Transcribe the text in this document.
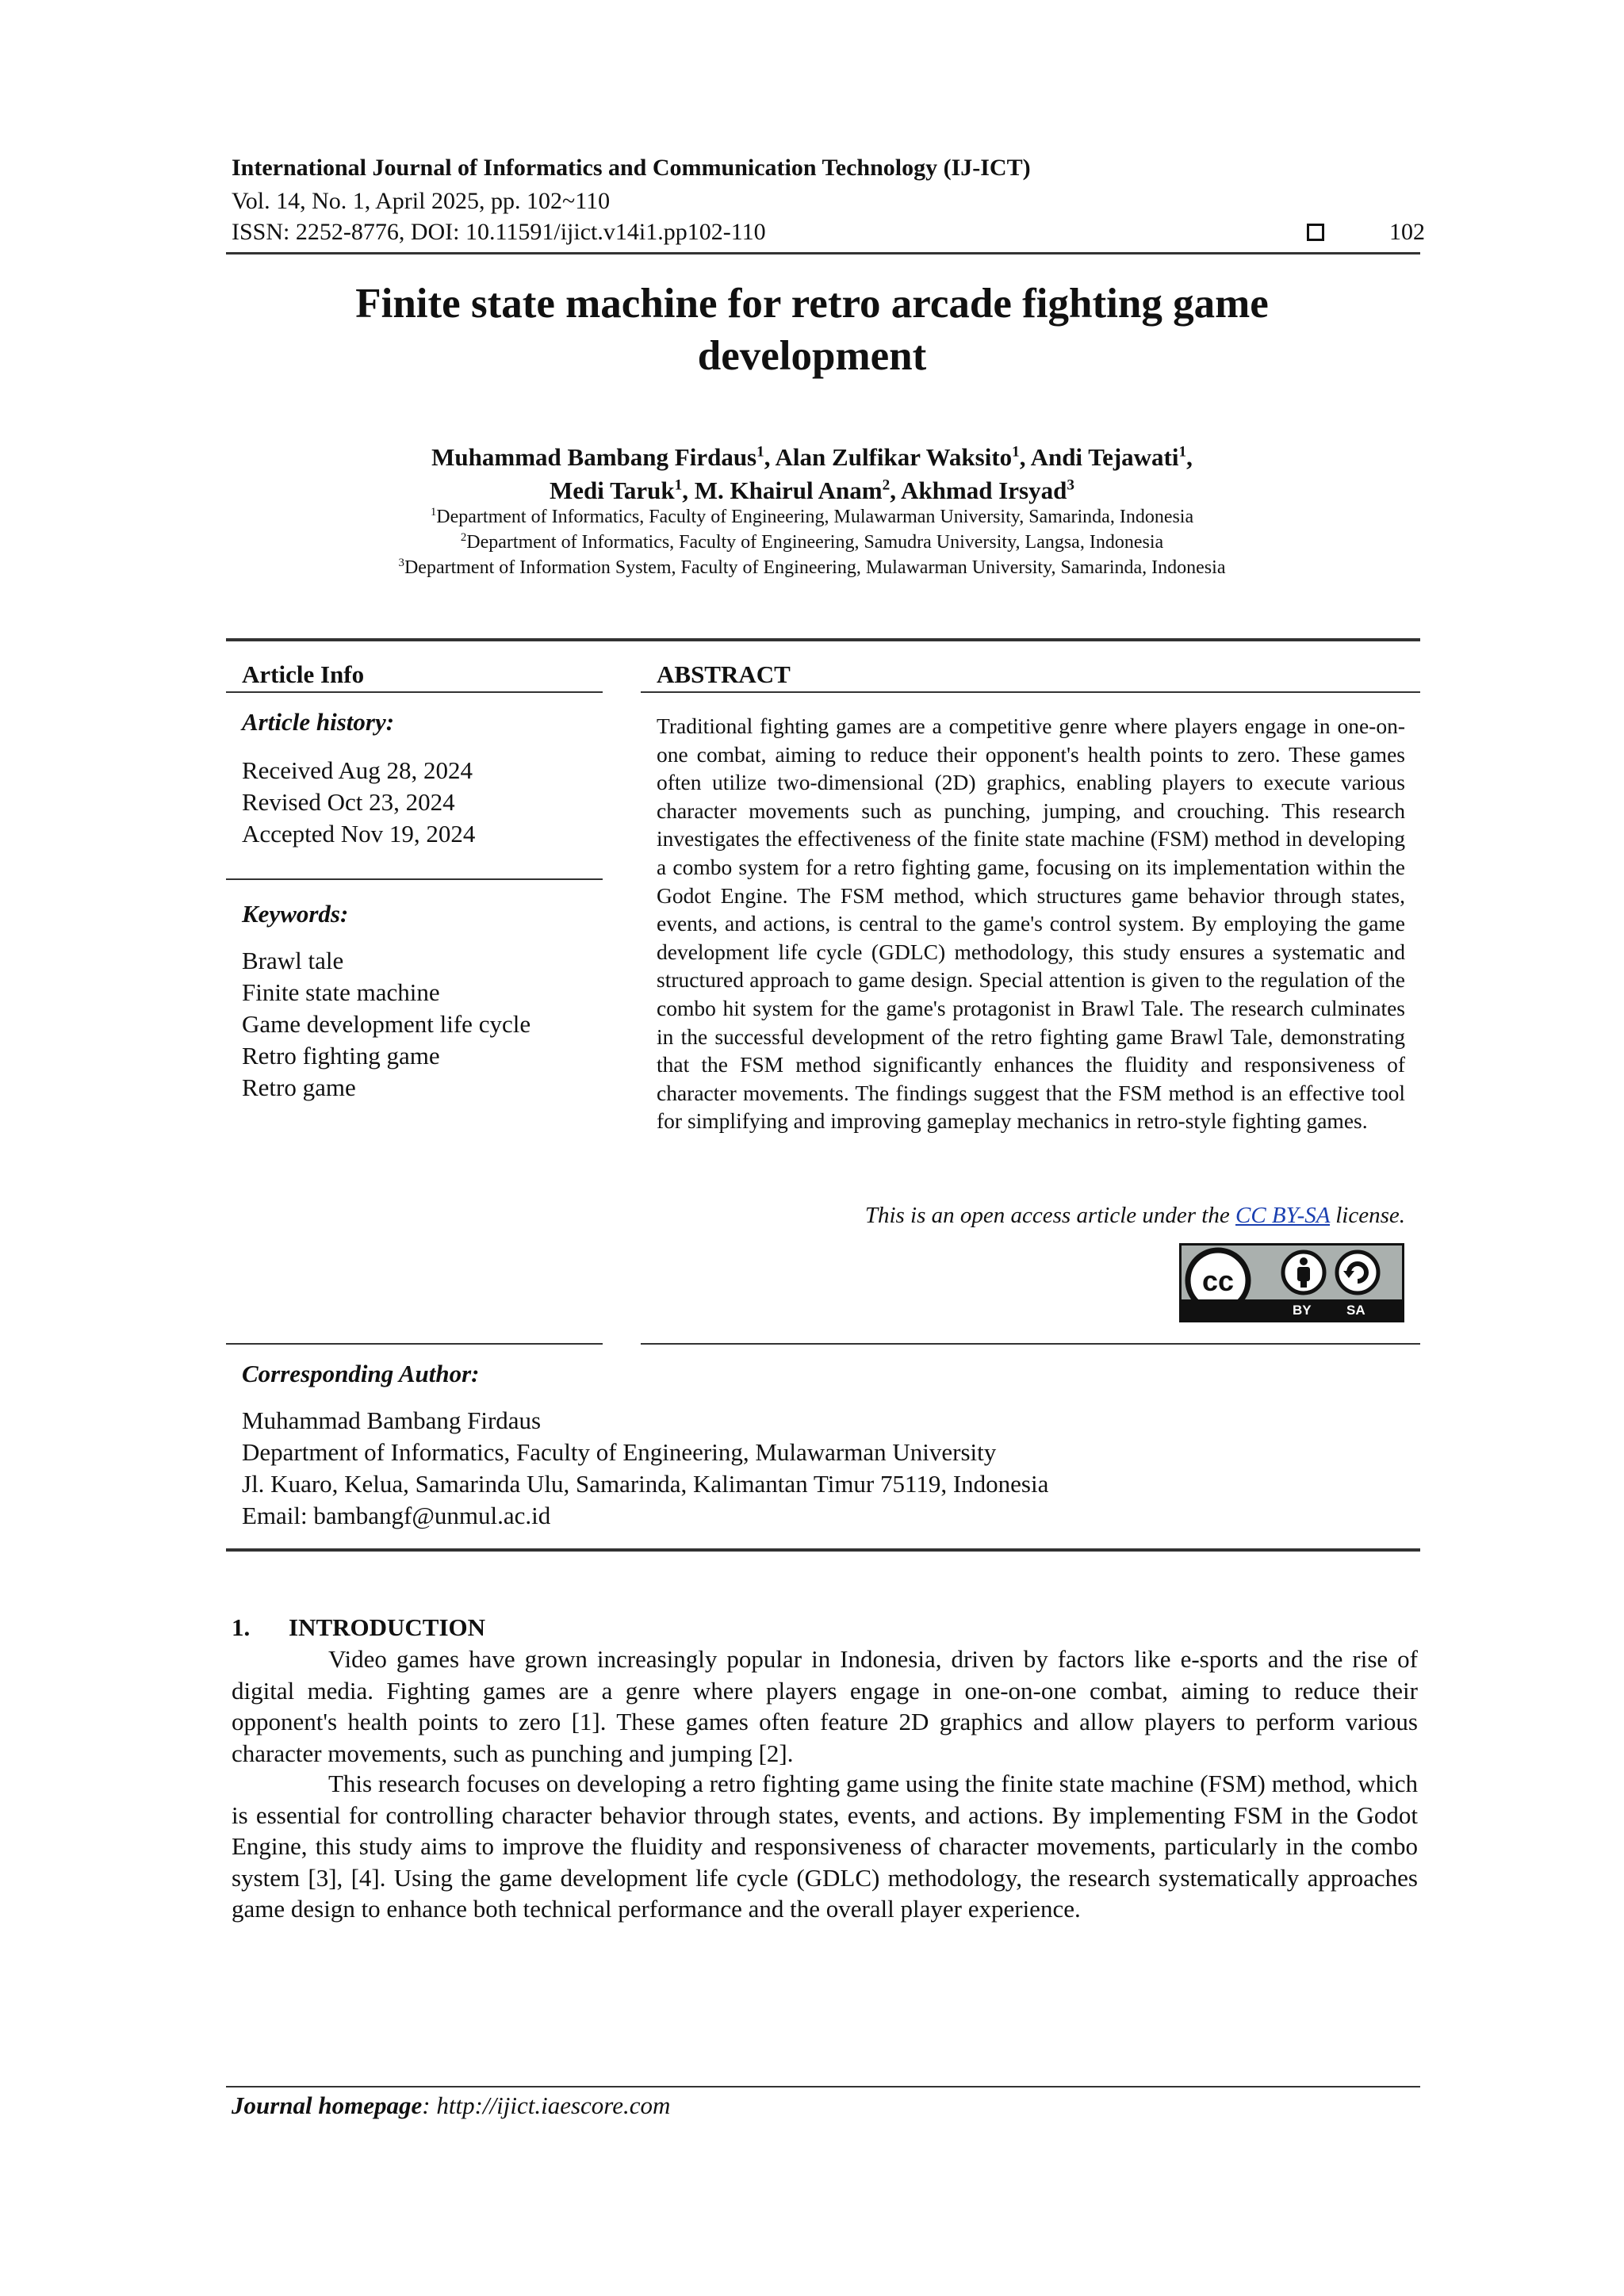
International Journal of Informatics and Communication Technology (IJ-ICT)
Vol. 14, No. 1, April 2025, pp. 102~110
ISSN: 2252-8776, DOI: 10.11591/ijict.v14i1.pp102-110	102
Finite state machine for retro arcade fighting game
development
Muhammad Bambang Firdaus$^1$, Alan Zulfikar Waksito$^1$, Andi Tejawati$^1$,
Medi Taruk$^1$, M. Khairul Anam$^2$, Akhmad Irsyad$^3$
$^1$Department of Informatics, Faculty of Engineering, Mulawarman University, Samarinda, Indonesia
$^2$Department of Informatics, Faculty of Engineering, Samudra University, Langsa, Indonesia
$^3$Department of Information System, Faculty of Engineering, Mulawarman University, Samarinda, Indonesia
Article Info
Article history:
Received Aug 28, 2024
Revised Oct 23, 2024
Accepted Nov 19, 2024
Keywords:
Brawl tale
Finite state machine
Game development life cycle
Retro fighting game
Retro game
ABSTRACT
Traditional fighting games are a competitive genre where players engage in one-on-one combat, aiming to reduce their opponent's health points to zero. These games often utilize two-dimensional (2D) graphics, enabling players to execute various character movements such as punching, jumping, and crouching. This research investigates the effectiveness of the finite state machine (FSM) method in developing a combo system for a retro fighting game, focusing on its implementation within the Godot Engine. The FSM method, which structures game behavior through states, events, and actions, is central to the game's control system. By employing the game development life cycle (GDLC) methodology, this study ensures a systematic and structured approach to game design. Special attention is given to the regulation of the combo hit system for the game's protagonist in Brawl Tale. The research culminates in the successful development of the retro fighting game Brawl Tale, demonstrating that the FSM method significantly enhances the fluidity and responsiveness of character movements. The findings suggest that the FSM method is an effective tool for simplifying and improving gameplay mechanics in retro-style fighting games.
This is an open access article under the CC BY-SA license.
cc
BY	SA
Corresponding Author:
Muhammad Bambang Firdaus
Department of Informatics, Faculty of Engineering, Mulawarman University
Jl. Kuaro, Kelua, Samarinda Ulu, Samarinda, Kalimantan Timur 75119, Indonesia
Email: bambangf@unmul.ac.id
1. INTRODUCTION
Video games have grown increasingly popular in Indonesia, driven by factors like e-sports and the rise of digital media. Fighting games are a genre where players engage in one-on-one combat, aiming to reduce their opponent's health points to zero [1]. These games often feature 2D graphics and allow players to perform various character movements, such as punching and jumping [2].
This research focuses on developing a retro fighting game using the finite state machine (FSM) method, which is essential for controlling character behavior through states, events, and actions. By implementing FSM in the Godot Engine, this study aims to improve the fluidity and responsiveness of character movements, particularly in the combo system [3], [4]. Using the game development life cycle (GDLC) methodology, the research systematically approaches game design to enhance both technical performance and the overall player experience.
Journal homepage: http://ijict.iaescore.com
